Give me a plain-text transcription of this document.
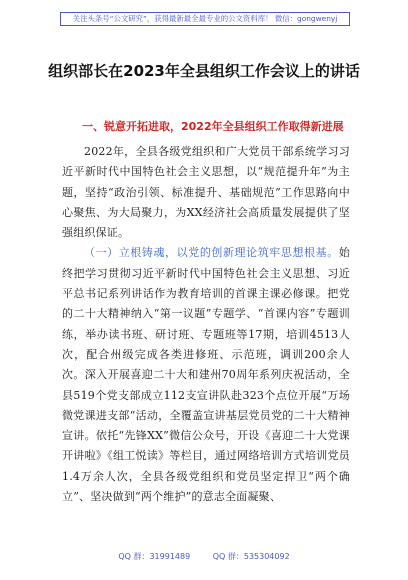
关注头条号“公文研究”，获得最新最全最专业的公文资料库！ 微信：gongwenyj
组织部长在2023年全县组织工作会议上的讲话

一、锐意开拓进取，2022年全县组织工作取得新进展

2022年，全县各级党组织和广大党员干部系统学习习近平新时代中国特色社会主义思想，以“规范提升年”为主题，坚持“政治引领、标准提升、基础规范”工作思路向中心聚焦、为大局聚力，为XX经济社会高质量发展提供了坚强组织保证。

（一）立根铸魂，以党的创新理论筑牢思想根基。始终把学习贯彻习近平新时代中国特色社会主义思想、习近平总书记系列讲话作为教育培训的首课主课必修课。把党的二十大精神纳入“第一议题”专题学、“首课内容”专题训练，举办读书班、研讨班、专题班等17期，培训4513人次，配合州级完成各类进修班、示范班，调训200余人次。深入开展喜迎二十大和建州70周年系列庆祝活动，全县519个党支部成立112支宣讲队赴323个点位开展“万场微党课进支部”活动，全覆盖宣讲基层党员党的二十大精神宣讲。依托“先锋XX”微信公众号，开设《喜迎二十大党课开讲啦》《组工悦读》等栏目，通过网络培训方式培训党员1.4万余人次，全县各级党组织和党员坚定捍卫“两个确立”、坚决做到“两个维护”的意志全面凝聚、

QQ 群：31991489	QQ 群：535304092
